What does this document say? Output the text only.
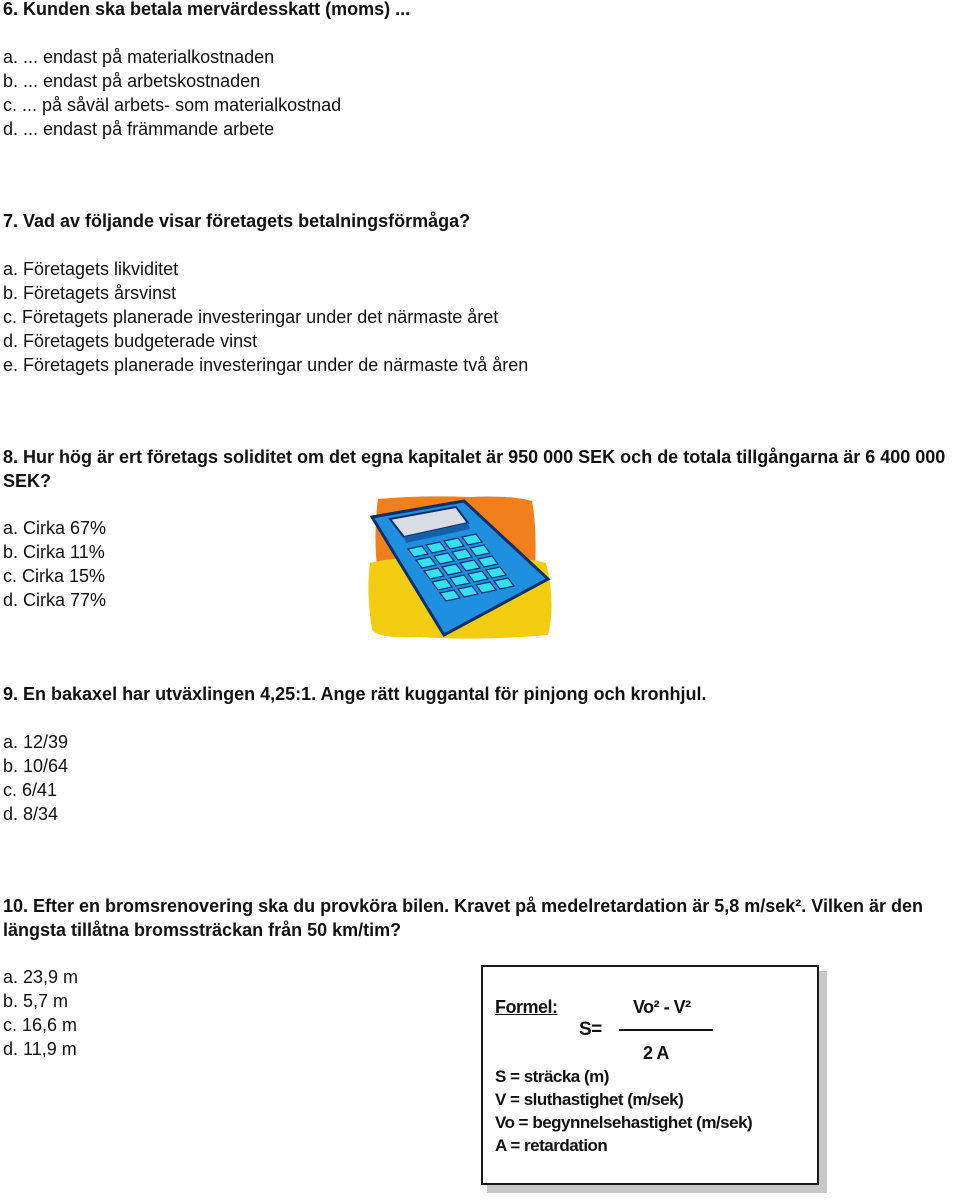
6. Kunden ska betala mervärdesskatt (moms) ...
a. ... endast på materialkostnaden
b. ... endast på arbetskostnaden
c. ... på såväl arbets- som materialkostnad
d. ... endast på främmande arbete
7. Vad av följande visar företagets betalningsförmåga?
a. Företagets likviditet
b. Företagets årsvinst
c. Företagets planerade investeringar under det närmaste året
d. Företagets budgeterade vinst
e. Företagets planerade investeringar under de närmaste två åren
8. Hur hög är ert företags soliditet om det egna kapitalet är 950 000 SEK och de totala tillgångarna är 6 400 000 SEK?
a. Cirka 67%
b. Cirka 11%
c. Cirka 15%
d. Cirka 77%
9. En bakaxel har utväxlingen 4,25:1. Ange rätt kuggantal för pinjong och kronhjul.
a. 12/39
b. 10/64
c. 6/41
d. 8/34
10. Efter en bromsrenovering ska du provköra bilen. Kravet på medelretardation är 5,8 m/sek². Vilken är den längsta tillåtna bromssträckan från 50 km/tim?
a. 23,9 m
b. 5,7 m
c. 16,6 m
d. 11,9 m
Formel:
S=
Vo² - V²
2 A
S = sträcka (m)
V = sluthastighet (m/sek)
Vo = begynnelsehastighet (m/sek)
A = retardation
